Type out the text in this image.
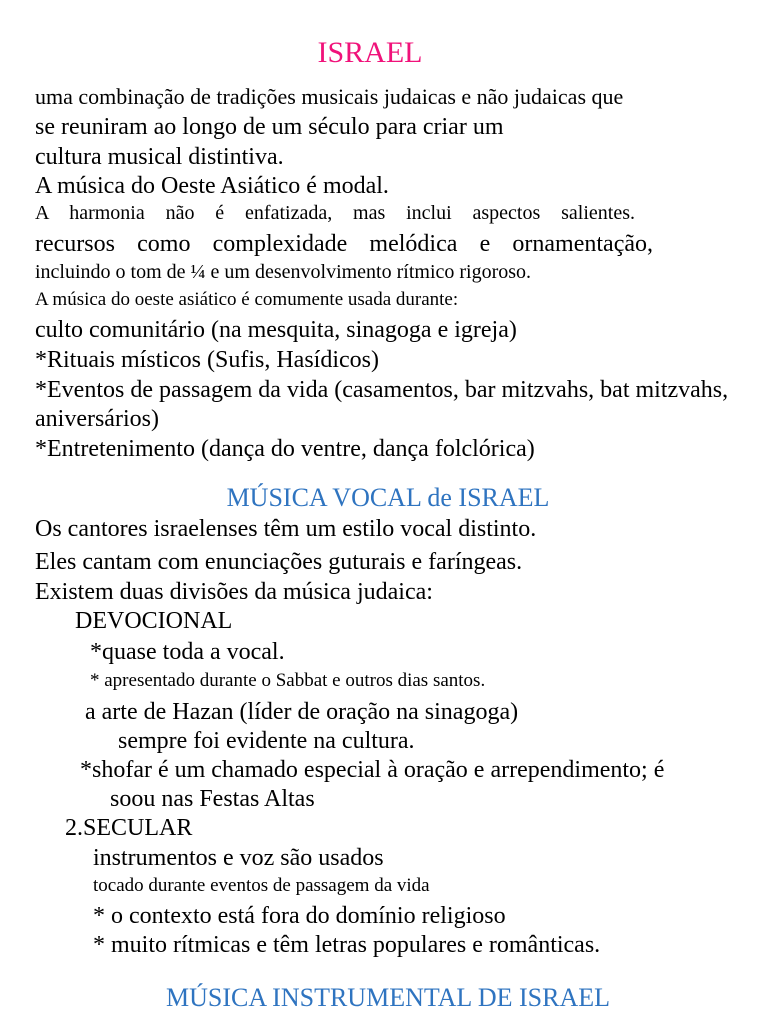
ISRAEL
uma combinação de tradições musicais judaicas e não judaicas que
se reuniram ao longo de um século para criar um
cultura musical distintiva.
A música do Oeste Asiático é modal.
A harmonia não é enfatizada, mas inclui aspectos salientes.
recursos como complexidade melódica e ornamentação,
incluindo o tom de ¼ e um desenvolvimento rítmico rigoroso.
A música do oeste asiático é comumente usada durante:
culto comunitário (na mesquita, sinagoga e igreja)
*Rituais místicos (Sufis, Hasídicos)
*Eventos de passagem da vida (casamentos, bar mitzvahs, bat mitzvahs,
aniversários)
*Entretenimento (dança do ventre, dança folclórica)
MÚSICA VOCAL de ISRAEL
Os cantores israelenses têm um estilo vocal distinto.
Eles cantam com enunciações guturais e faríngeas.
Existem duas divisões da música judaica:
DEVOCIONAL
*quase toda a vocal.
* apresentado durante o Sabbat e outros dias santos.
a arte de Hazan (líder de oração na sinagoga)
sempre foi evidente na cultura.
*shofar é um chamado especial à oração e arrependimento; é
soou nas Festas Altas
2.SECULAR
instrumentos e voz são usados
tocado durante eventos de passagem da vida
* o contexto está fora do domínio religioso
* muito rítmicas e têm letras populares e românticas.
MÚSICA INSTRUMENTAL DE ISRAEL
